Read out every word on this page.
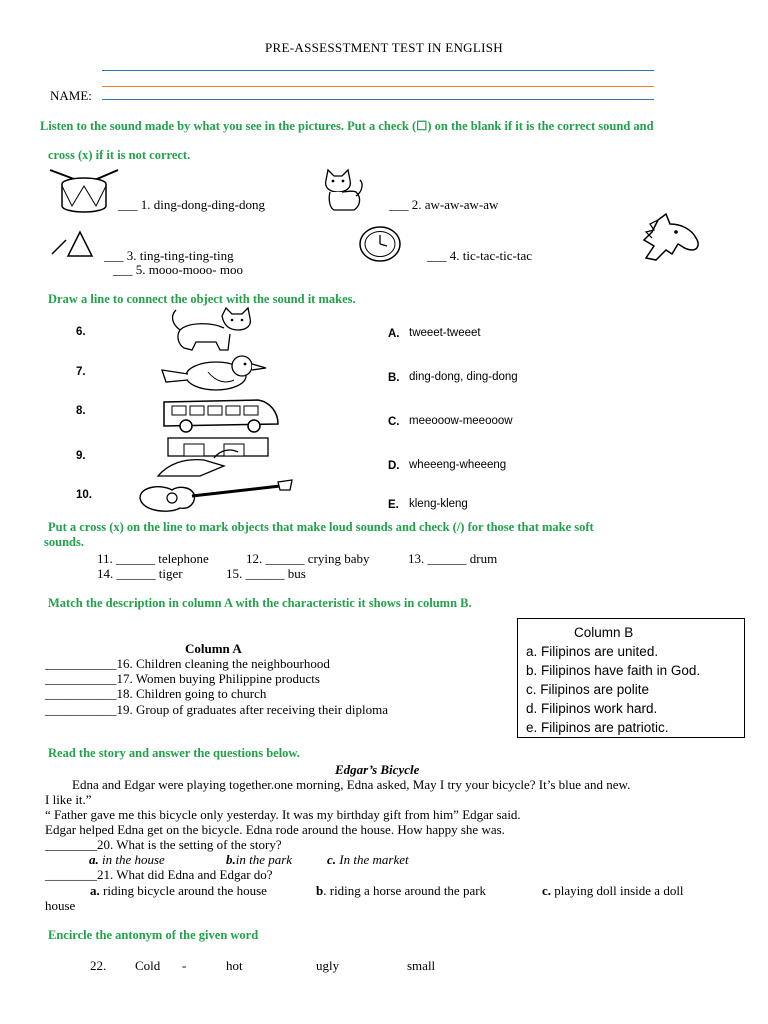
PRE-ASSESSTMENT TEST IN ENGLISH
NAME:
Listen to the sound made by what you see in the pictures. Put a check (☐) on the blank if it is the correct sound and
cross (x) if it is not correct.
___ 1. ding-dong-ding-dong	___ 2. aw-aw-aw-aw
___ 3. ting-ting-ting-ting
___ 5. mooo-mooo- moo
___ 4. tic-tac-tic-tac
Draw a line to connect the object with the sound it makes.
6.
7.
8.
9.
10.
A. tweeet-tweeet
B. ding-dong, ding-dong
C. meeooow-meeooow
D. wheeeng-wheeeng
E. kleng-kleng
Put a cross (x) on the line to mark objects that make loud sounds and check (/) for those that make soft
sounds.
11. ______ telephone	12. ______ crying baby	13. ______ drum
14. ______ tiger	15. ______ bus
Match the description in column A with the characteristic it shows in column B.
Column A
___________16. Children cleaning the neighbourhood
___________17. Women buying Philippine products
___________18. Children going to church
___________19. Group of graduates after receiving their diploma
Column B
a. Filipinos are united.
b. Filipinos have faith in God.
c. Filipinos are polite
d. Filipinos work hard.
e. Filipinos are patriotic.
Read the story and answer the questions below.
Edgar’s Bicycle
Edna and Edgar were playing together.one morning, Edna asked, May I try your bicycle? It’s blue and new.
I like it.”
“ Father gave me this bicycle only yesterday. It was my birthday gift from him” Edgar said.
Edgar helped Edna get on the bicycle. Edna rode around the house. How happy she was.
________20. What is the setting of the story?
a. in the house	b.in the park	c. In the market
________21. What did Edna and Edgar do?
a. riding bicycle around the house	b. riding a horse around the park	c. playing doll inside a doll
house
Encircle the antonym of the given word
22. Cold -	hot	ugly	small
